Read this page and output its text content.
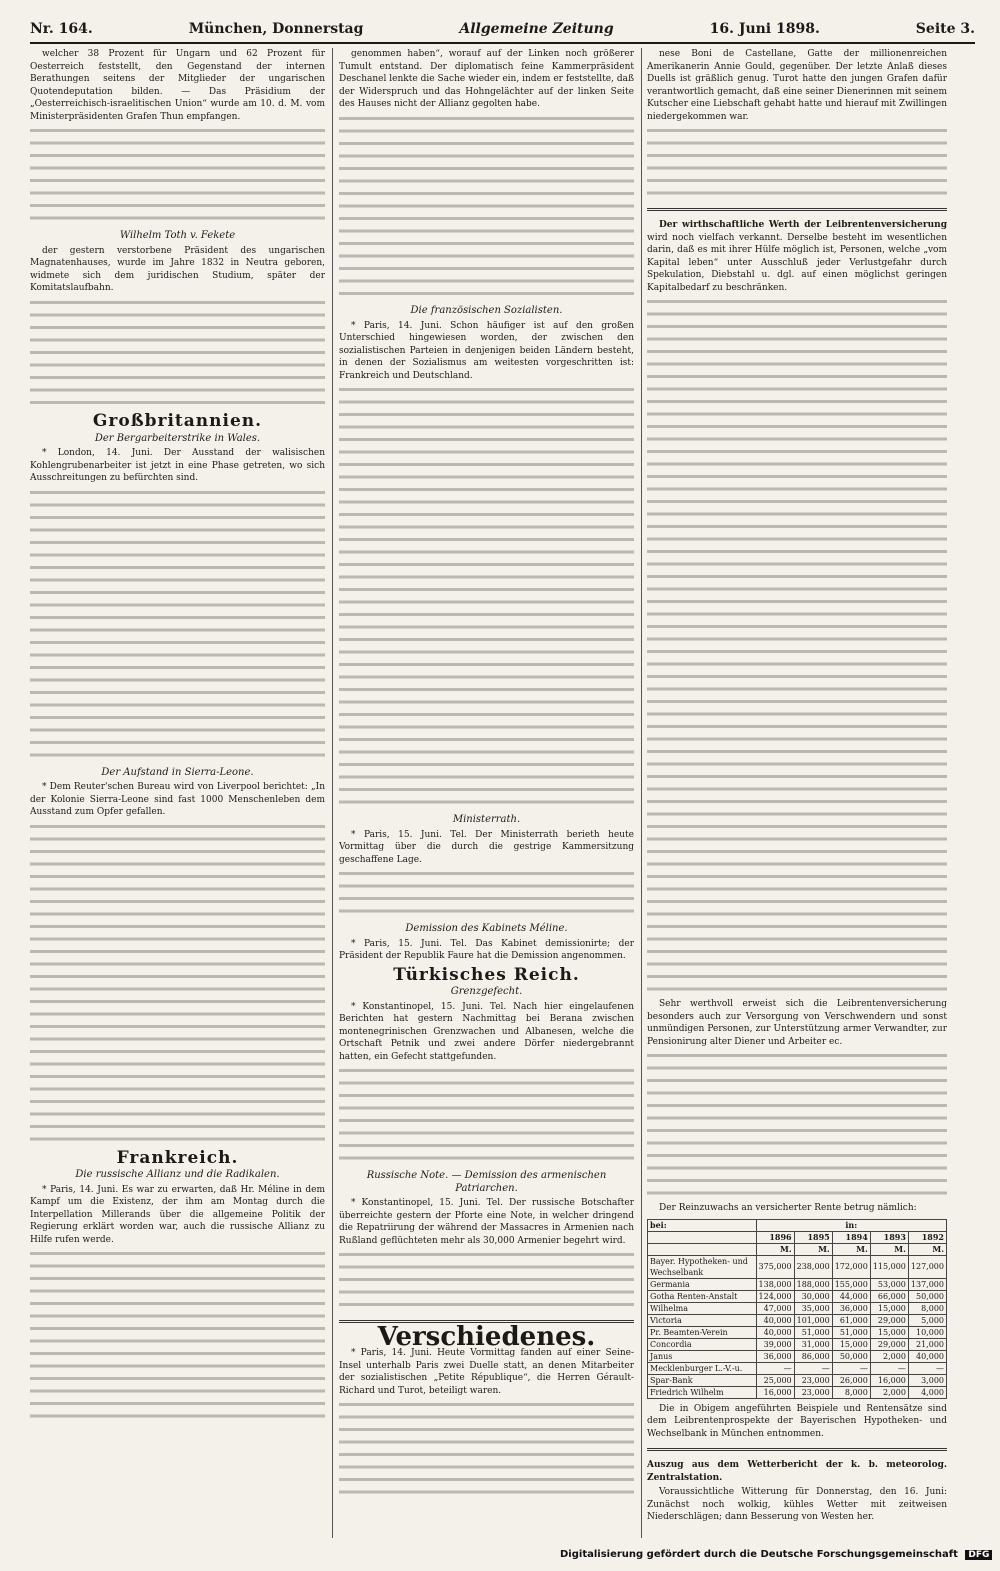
Nr. 164.	München, Donnerstag	Allgemeine Zeitung	16. Juni 1898.	Seite 3.

welcher 38 Prozent für Ungarn und 62 Prozent für Oesterreich feststellt, den Gegenstand der internen Berathungen seitens der Mitglieder der ungarischen Quotendeputation bilden. — Das Präsidium der „Oesterreichisch-israelitischen Union“ wurde am 10. d. M. vom Ministerpräsidenten Grafen Thun empfangen.

Wilhelm Toth v. Fekete

der gestern verstorbene Präsident des ungarischen Magnatenhauses, wurde im Jahre 1832 in Neutra geboren, widmete sich dem juridischen Studium, später der Komitatslaufbahn.

Großbritannien.
Der Bergarbeiterstrike in Wales.

* London, 14. Juni. Der Ausstand der walisischen Kohlengrubenarbeiter ist jetzt in eine Phase getreten, wo sich Ausschreitungen zu befürchten sind.

Der Aufstand in Sierra-Leone.

* Dem Reuter'schen Bureau wird von Liverpool berichtet: „In der Kolonie Sierra-Leone sind fast 1000 Menschenleben dem Ausstand zum Opfer gefallen.

Frankreich.
Die russische Allianz und die Radikalen.

* Paris, 14. Juni. Es war zu erwarten, daß Hr. Méline in dem Kampf um die Existenz, der ihm am Montag durch die Interpellation Millerands über die allgemeine Politik der Regierung erklärt worden war, auch die russische Allianz zu Hilfe rufen werde.

genommen haben“, worauf auf der Linken noch größerer Tumult entstand. Der diplomatisch feine Kammerpräsident Deschanel lenkte die Sache wieder ein, indem er feststellte, daß der Widerspruch und das Hohngelächter auf der linken Seite des Hauses nicht der Allianz gegolten habe.

Die französischen Sozialisten.

* Paris, 14. Juni. Schon häufiger ist auf den großen Unterschied hingewiesen worden, der zwischen den sozialistischen Parteien in denjenigen beiden Ländern besteht, in denen der Sozialismus am weitesten vorgeschritten ist: Frankreich und Deutschland.

Ministerrath.

* Paris, 15. Juni. Tel. Der Ministerrath berieth heute Vormittag über die durch die gestrige Kammersitzung geschaffene Lage.

Demission des Kabinets Méline.

* Paris, 15. Juni. Tel. Das Kabinet demissionirte; der Präsident der Republik Faure hat die Demission angenommen.

Türkisches Reich.
Grenzgefecht.

* Konstantinopel, 15. Juni. Tel. Nach hier eingelaufenen Berichten hat gestern Nachmittag bei Berana zwischen montenegrinischen Grenzwachen und Albanesen, welche die Ortschaft Petnik und zwei andere Dörfer niedergebrannt hatten, ein Gefecht stattgefunden.

Russische Note. — Demission des armenischen Patriarchen.

* Konstantinopel, 15. Juni. Tel. Der russische Botschafter überreichte gestern der Pforte eine Note, in welcher dringend die Repatriirung der während der Massacres in Armenien nach Rußland geflüchteten mehr als 30,000 Armenier begehrt wird.

Verschiedenes.

* Paris, 14. Juni. Heute Vormittag fanden auf einer Seine-Insel unterhalb Paris zwei Duelle statt, an denen Mitarbeiter der sozialistischen „Petite République“, die Herren Gérault-Richard und Turot, beteiligt waren.

nese Boni de Castellane, Gatte der millionenreichen Amerikanerin Annie Gould, gegenüber. Der letzte Anlaß dieses Duells ist gräßlich genug. Turot hatte den jungen Grafen dafür verantwortlich gemacht, daß eine seiner Dienerinnen mit seinem Kutscher eine Liebschaft gehabt hatte und hierauf mit Zwillingen niedergekommen war.

Der wirthschaftliche Werth der Leibrentenversicherung wird noch vielfach verkannt. Derselbe besteht im wesentlichen darin, daß es mit ihrer Hülfe möglich ist, Personen, welche „vom Kapital leben“ unter Ausschluß jeder Verlustgefahr durch Spekulation, Diebstahl u. dgl. auf einen möglichst geringen Kapitalbedarf zu beschränken.

Sehr werthvoll erweist sich die Leibrentenversicherung besonders auch zur Versorgung von Verschwendern und sonst unmündigen Personen, zur Unterstützung armer Verwandter, zur Pensionirung alter Diener und Arbeiter ec.

Der Reinzuwachs an versicherter Rente betrug nämlich:

bei:	in:				
	1896	1895	1894	1893	1892
	M.	M.	M.	M.	M.
Bayer. Hypotheken- und Wechselbank	375,000	238,000	172,000	115,000	127,000
Germania	138,000	188,000	155,000	53,000	137,000
Gotha Renten-Anstalt	124,000	30,000	44,000	66,000	50,000
Wilhelma	47,000	35,000	36,000	15,000	8,000
Victoria	40,000	101,000	61,000	29,000	5,000
Pr. Beamten-Verein	40,000	51,000	51,000	15,000	10,000
Concordia	39,000	31,000	15,000	29,000	21,000
Janus	36,000	86,000	50,000	2,000	40,000
Mecklenburger L.-V.-u.	—	—	—	—	—
Spar-Bank	25,000	23,000	26,000	16,000	3,000
Friedrich Wilhelm	16,000	23,000	8,000	2,000	4,000

Die in Obigem angeführten Beispiele und Rentensätze sind dem Leibrentenprospekte der Bayerischen Hypotheken- und Wechselbank in München entnommen.

Auszug aus dem Wetterbericht der k. b. meteorolog. Zentralstation.

Voraussichtliche Witterung für Donnerstag, den 16. Juni: Zunächst noch wolkig, kühles Wetter mit zeitweisen Niederschlägen; dann Besserung von Westen her.

Digitalisierung gefördert durch die Deutsche Forschungsgemeinschaft DFG
